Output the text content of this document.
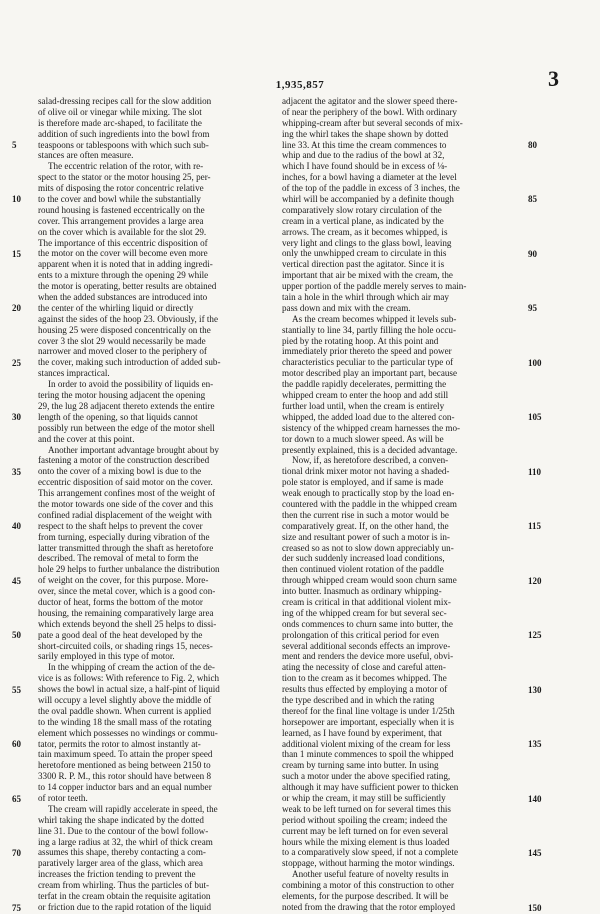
1,935,857	3
5
10
15
20
25
30
35
40
45
50
55
60
65
70
75
salad-dressing recipes call for the slow addition
of olive oil or vinegar while mixing. The slot
is therefore made arc-shaped, to facilitate the
addition of such ingredients into the bowl from
teaspoons or tablespoons with which such sub-
stances are often measure.
The eccentric relation of the rotor, with re-
spect to the stator or the motor housing 25, per-
mits of disposing the rotor concentric relative
to the cover and bowl while the substantially
round housing is fastened eccentrically on the
cover. This arrangement provides a large area
on the cover which is available for the slot 29.
The importance of this eccentric disposition of
the motor on the cover will become even more
apparent when it is noted that in adding ingredi-
ents to a mixture through the opening 29 while
the motor is operating, better results are obtained
when the added substances are introduced into
the center of the whirling liquid or directly
against the sides of the hoop 23. Obviously, if the
housing 25 were disposed concentrically on the
cover 3 the slot 29 would necessarily be made
narrower and moved closer to the periphery of
the cover, making such introduction of added sub-
stances impractical.
In order to avoid the possibility of liquids en-
tering the motor housing adjacent the opening
29, the lug 28 adjacent thereto extends the entire
length of the opening, so that liquids cannot
possibly run between the edge of the motor shell
and the cover at this point.
Another important advantage brought about by
fastening a motor of the construction described
onto the cover of a mixing bowl is due to the
eccentric disposition of said motor on the cover.
This arrangement confines most of the weight of
the motor towards one side of the cover and this
confined radial displacement of the weight with
respect to the shaft helps to prevent the cover
from turning, especially during vibration of the
latter transmitted through the shaft as heretofore
described. The removal of metal to form the
hole 29 helps to further unbalance the distribution
of weight on the cover, for this purpose. More-
over, since the metal cover, which is a good con-
ductor of heat, forms the bottom of the motor
housing, the remaining comparatively large area
which extends beyond the shell 25 helps to dissi-
pate a good deal of the heat developed by the
short-circuited coils, or shading rings 15, neces-
sarily employed in this type of motor.
In the whipping of cream the action of the de-
vice is as follows: With reference to Fig. 2, which
shows the bowl in actual size, a half-pint of liquid
will occupy a level slightly above the middle of
the oval paddle shown. When current is applied
to the winding 18 the small mass of the rotating
element which possesses no windings or commu-
tator, permits the rotor to almost instantly at-
tain maximum speed. To attain the proper speed
heretofore mentioned as being between 2150 to
3300 R. P. M., this rotor should have between 8
to 14 copper inductor bars and an equal number
of rotor teeth.
The cream will rapidly accelerate in speed, the
whirl taking the shape indicated by the dotted
line 31. Due to the contour of the bowl follow-
ing a large radius at 32, the whirl of thick cream
assumes this shape, thereby contacting a com-
paratively larger area of the glass, which area
increases the friction tending to prevent the
cream from whirling. Thus the particles of but-
terfat in the cream obtain the requisite agitation
or friction due to the rapid rotation of the liquid
adjacent the agitator and the slower speed there-
of near the periphery of the bowl. With ordinary
whipping-cream after but several seconds of mix-
ing the whirl takes the shape shown by dotted
line 33. At this time the cream commences to
whip and due to the radius of the bowl at 32,
which I have found should be in excess of ⅛-
inches, for a bowl having a diameter at the level
of the top of the paddle in excess of 3 inches, the
whirl will be accompanied by a definite though
comparatively slow rotary circulation of the
cream in a vertical plane, as indicated by the
arrows. The cream, as it becomes whipped, is
very light and clings to the glass bowl, leaving
only the unwhipped cream to circulate in this
vertical direction past the agitator. Since it is
important that air be mixed with the cream, the
upper portion of the paddle merely serves to main-
tain a hole in the whirl through which air may
pass down and mix with the cream.
As the cream becomes whipped it levels sub-
stantially to line 34, partly filling the hole occu-
pied by the rotating hoop. At this point and
immediately prior thereto the speed and power
characteristics peculiar to the particular type of
motor described play an important part, because
the paddle rapidly decelerates, permitting the
whipped cream to enter the hoop and add still
further load until, when the cream is entirely
whipped, the added load due to the altered con-
sistency of the whipped cream harnesses the mo-
tor down to a much slower speed. As will be
presently explained, this is a decided advantage.
Now, if, as heretofore described, a conven-
tional drink mixer motor not having a shaded-
pole stator is employed, and if same is made
weak enough to practically stop by the load en-
countered with the paddle in the whipped cream
then the current rise in such a motor would be
comparatively great. If, on the other hand, the
size and resultant power of such a motor is in-
creased so as not to slow down appreciably un-
der such suddenly increased load conditions,
then continued violent rotation of the paddle
through whipped cream would soon churn same
into butter. Inasmuch as ordinary whipping-
cream is critical in that additional violent mix-
ing of the whipped cream for but several sec-
onds commences to churn same into butter, the
prolongation of this critical period for even
several additional seconds effects an improve-
ment and renders the device more useful, obvi-
ating the necessity of close and careful atten-
tion to the cream as it becomes whipped. The
results thus effected by employing a motor of
the type described and in which the rating
thereof for the final line voltage is under 1/25th
horsepower are important, especially when it is
learned, as I have found by experiment, that
additional violent mixing of the cream for less
than 1 minute commences to spoil the whipped
cream by turning same into butter. In using
such a motor under the above specified rating,
although it may have sufficient power to thicken
or whip the cream, it may still be sufficiently
weak to be left turned on for several times this
period without spoiling the cream; indeed the
current may be left turned on for even several
hours while the mixing element is thus loaded
to a comparatively slow speed, if not a complete
stoppage, without harming the motor windings.
Another useful feature of novelty results in
combining a motor of this construction to other
elements, for the purpose described. It will be
noted from the drawing that the rotor employed
80
85
90
95
100
105
110
115
120
125
130
135
140
145
150
